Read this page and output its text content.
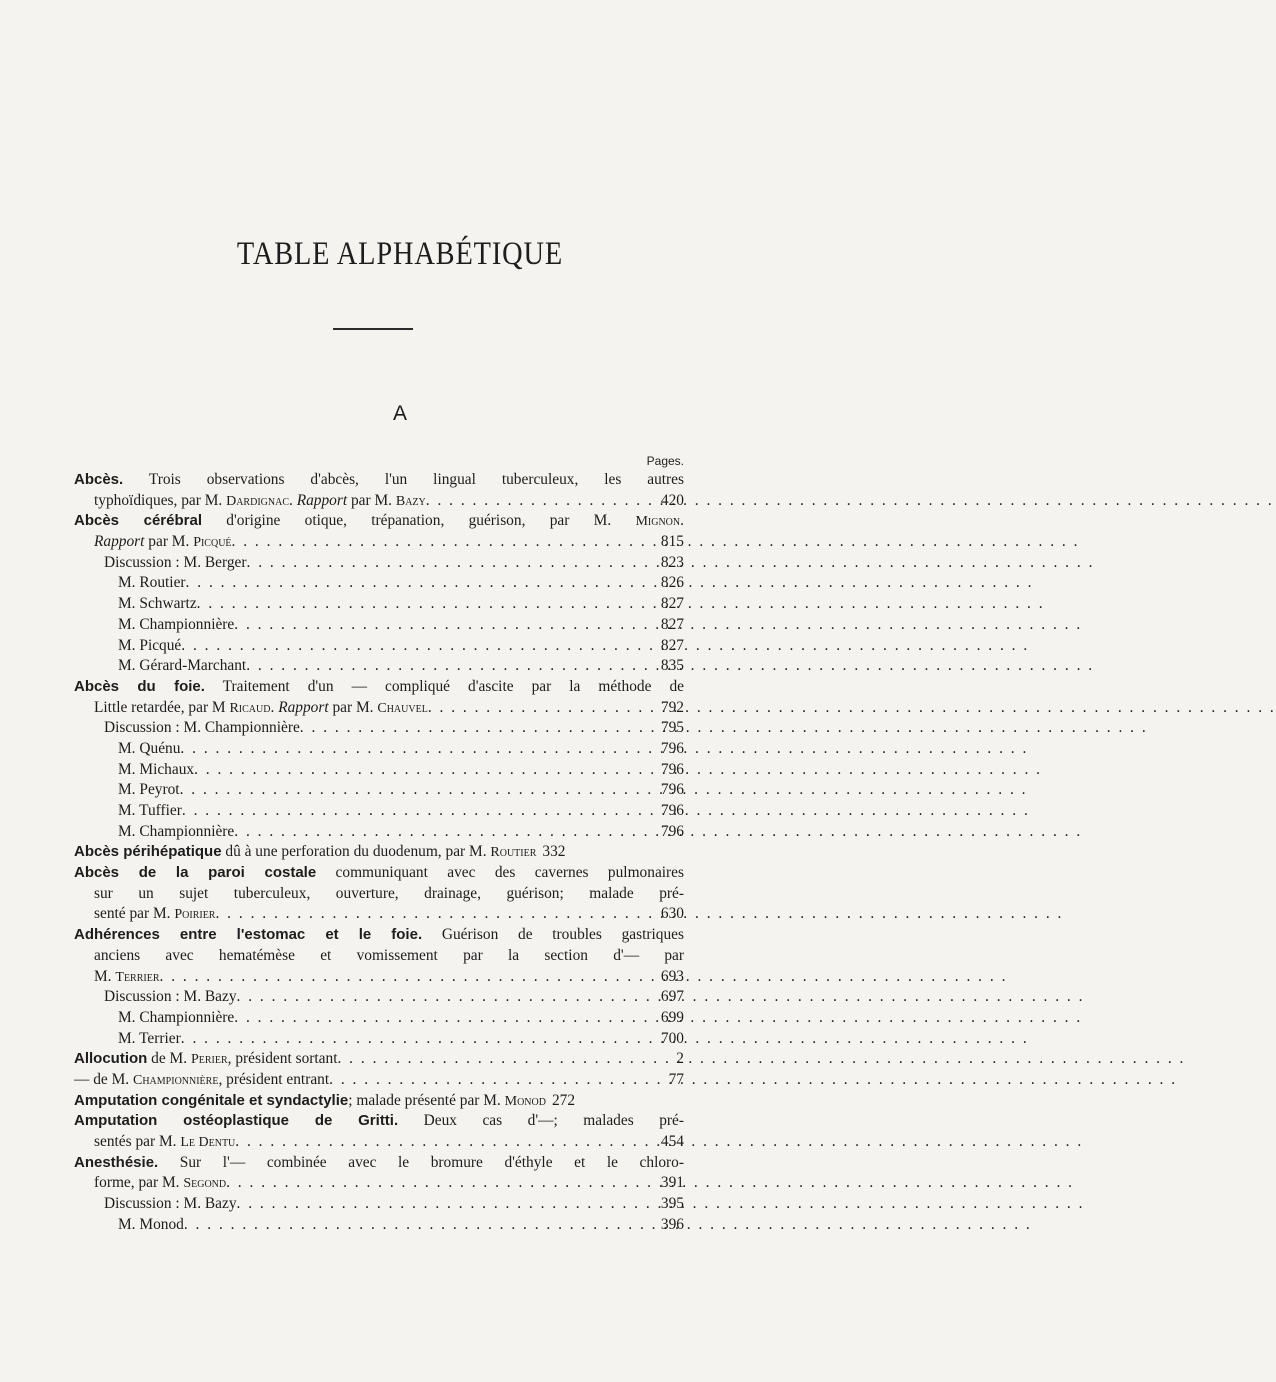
TABLE ALPHABÉTIQUE
A
Pages.
Abcès. Trois observations d'abcès, l'un lingual tuberculeux, les autres
typhoïdiques, par M. Dardignac. Rapport par M. Bazy . . .	420
Abcès cérébral d'origine otique, trépanation, guérison, par M. Mignon.
Rapport par M. Picqué . . .	815
Discussion : M. Berger . . .	823
M. Routier . . .	826
M. Schwartz . . .	827
M. Championnière . . .	827
M. Picqué . . .	827
M. Gérard-Marchant . . .	835
Abcès du foie. Traitement d'un — compliqué d'ascite par la méthode de
Little retardée, par M Ricaud. Rapport par M. Chauvel . . .	792
Discussion : M. Championnière . . .	795
M. Quénu . . .	796
M. Michaux . . .	796
M. Peyrot . . .	796
M. Tuffier . . .	796
M. Championnière . . .	796
Abcès périhépatique dû à une perforation du duodenum, par M. Routier 332
Abcès de la paroi costale communiquant avec des cavernes pulmonaires
sur un sujet tuberculeux, ouverture, drainage, guérison; malade pré-
senté par M. Poirier . . .	630
Adhérences entre l'estomac et le foie. Guérison de troubles gastriques
anciens avec hematémèse et vomissement par la section d'— par
M. Terrier . . .	693
Discussion : M. Bazy . . .	697
M. Championnière . . .	699
M. Terrier . . .	700
Allocution de M. Perier, président sortant . . .	2
— de M. Championnière, président entrant . . .	77
Amputation congénitale et syndactylie; malade présenté par M. Monod 272
Amputation ostéoplastique de Gritti. Deux cas d'—; malades pré-
sentés par M. Le Dentu . . .	454
Anesthésie. Sur l'— combinée avec le bromure d'éthyle et le chloro-
forme, par M. Segond . . .	391
Discussion : M. Bazy . . .	395
M. Monod . . .	396
